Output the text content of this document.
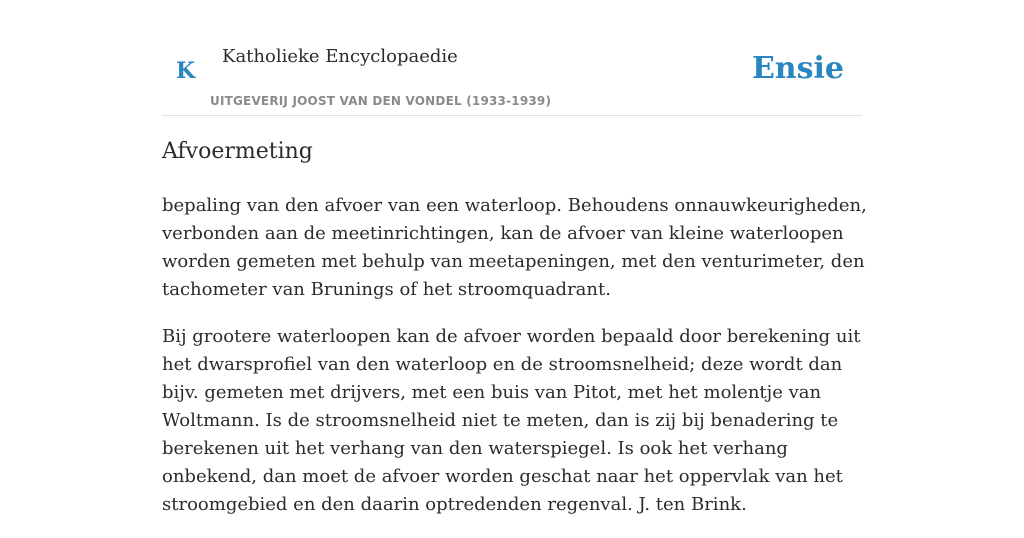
K
Katholieke Encyclopaedie
UITGEVERIJ JOOST VAN DEN VONDEL (1933-1939)
Ensie
Afvoermeting

bepaling van den afvoer van een waterloop. Behoudens onnauwkeurigheden, verbonden aan de meetinrichtingen, kan de afvoer van kleine waterloopen worden gemeten met behulp van meetapeningen, met den venturimeter, den tachometer van Brunings of het stroomquadrant.

Bij grootere waterloopen kan de afvoer worden bepaald door berekening uit het dwarsprofiel van den waterloop en de stroomsnelheid; deze wordt dan bijv. gemeten met drijvers, met een buis van Pitot, met het molentje van Woltmann. Is de stroomsnelheid niet te meten, dan is zij bij benadering te berekenen uit het verhang van den waterspiegel. Is ook het verhang onbekend, dan moet de afvoer worden geschat naar het oppervlak van het stroomgebied en den daarin optredenden regenval. J. ten Brink.
